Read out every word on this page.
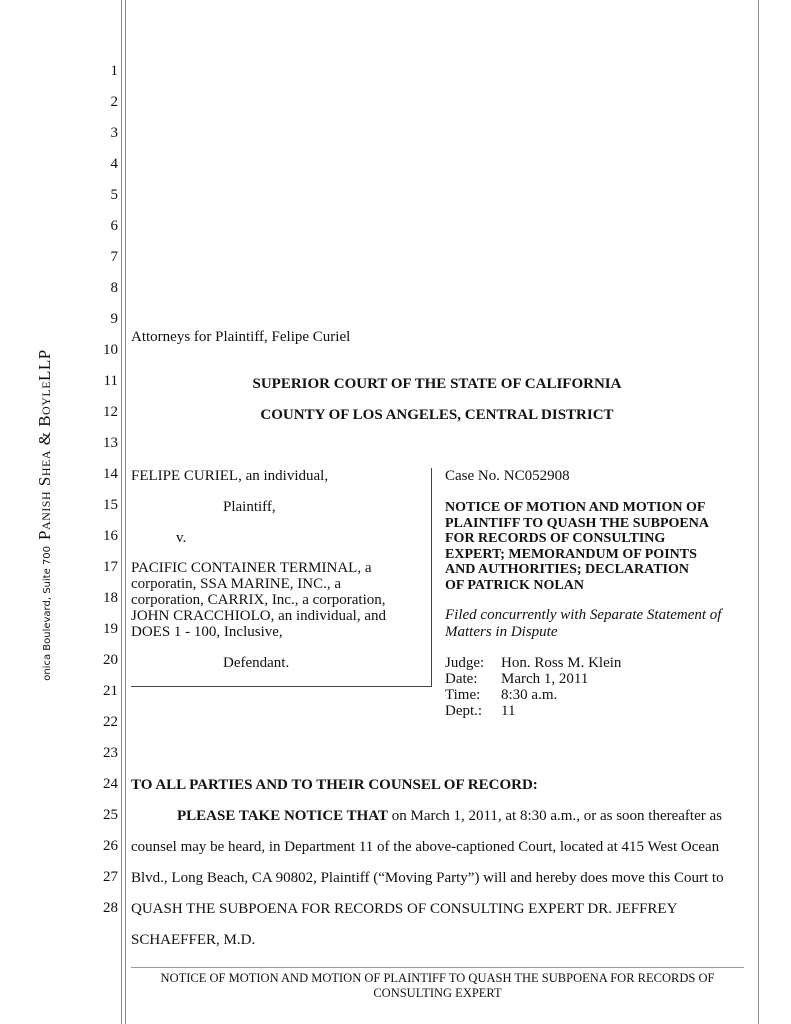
1
2
3
4
5
6
7
8
9
10
11
12
13
14
15
16
17
18
19
20
21
22
23
24
25
26
27
28
onica Boulevard, Suite 700
Panish Shea & BoyleLLP
Attorneys for Plaintiff, Felipe Curiel
SUPERIOR COURT OF THE STATE OF CALIFORNIA
COUNTY OF LOS ANGELES, CENTRAL DISTRICT
FELIPE CURIEL, an individual,
Plaintiff,
v.
PACIFIC CONTAINER TERMINAL, a
corporatin, SSA MARINE, INC., a
corporation, CARRIX, Inc., a corporation,
JOHN CRACCHIOLO, an individual, and
DOES 1 - 100, Inclusive,
Defendant.
Case No. NC052908
NOTICE OF MOTION AND MOTION OF
PLAINTIFF TO QUASH THE SUBPOENA
FOR RECORDS OF CONSULTING
EXPERT; MEMORANDUM OF POINTS
AND AUTHORITIES; DECLARATION
OF PATRICK NOLAN
Filed concurrently with Separate Statement of
Matters in Dispute
Judge:	Hon. Ross M. Klein
Date:	March 1, 2011
Time:	8:30 a.m.
Dept.:	11
TO ALL PARTIES AND TO THEIR COUNSEL OF RECORD:
PLEASE TAKE NOTICE THAT on March 1, 2011, at 8:30 a.m., or as soon thereafter as
counsel may be heard, in Department 11 of the above-captioned Court, located at 415 West Ocean
Blvd., Long Beach, CA 90802, Plaintiff (“Moving Party”) will and hereby does move this Court to
QUASH THE SUBPOENA FOR RECORDS OF CONSULTING EXPERT DR. JEFFREY
SCHAEFFER, M.D.
NOTICE OF MOTION AND MOTION OF PLAINTIFF TO QUASH THE SUBPOENA FOR RECORDS OF
CONSULTING EXPERT
